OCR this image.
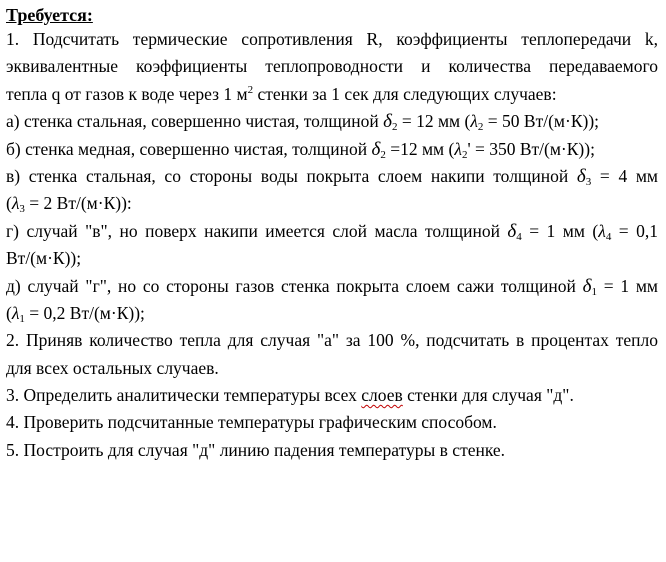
Требуется:
1. Подсчитать термические сопротивления R, коэффициенты теплопередачи k,
эквивалентные коэффициенты теплопроводности и количества передаваемого
тепла q от газов к воде через 1 $м^2$ стенки за 1 сек для следующих случаев:
а) стенка стальная, совершенно чистая, толщиной $\delta_2 = 12$ мм ($\lambda_2 = 50$ Вт/(м·К));
б) стенка медная, совершенно чистая, толщиной $\delta_2 =12$ мм ($\lambda_2' = 350$ Вт/(м·К));
в) стенка стальная, со стороны воды покрыта слоем накипи толщиной $\delta_3 = 4$ мм
($\lambda_3 = 2$ Вт/(м·К)):
г) случай "в", но поверх накипи имеется слой масла толщиной $\delta_4 = 1$ мм ($\lambda_4 = 0,1$
Вт/(м·К));
д) случай "г", но со стороны газов стенка покрыта слоем сажи толщиной $\delta_1 = 1$ мм
($\lambda_1 = 0,2$ Вт/(м·К));
2. Приняв количество тепла для случая "а" за 100 %, подсчитать в процентах тепло
для всех остальных случаев.
3. Определить аналитически температуры всех слоев стенки для случая "д".
4. Проверить подсчитанные температуры графическим способом.
5. Построить для случая "д" линию падения температуры в стенке.
